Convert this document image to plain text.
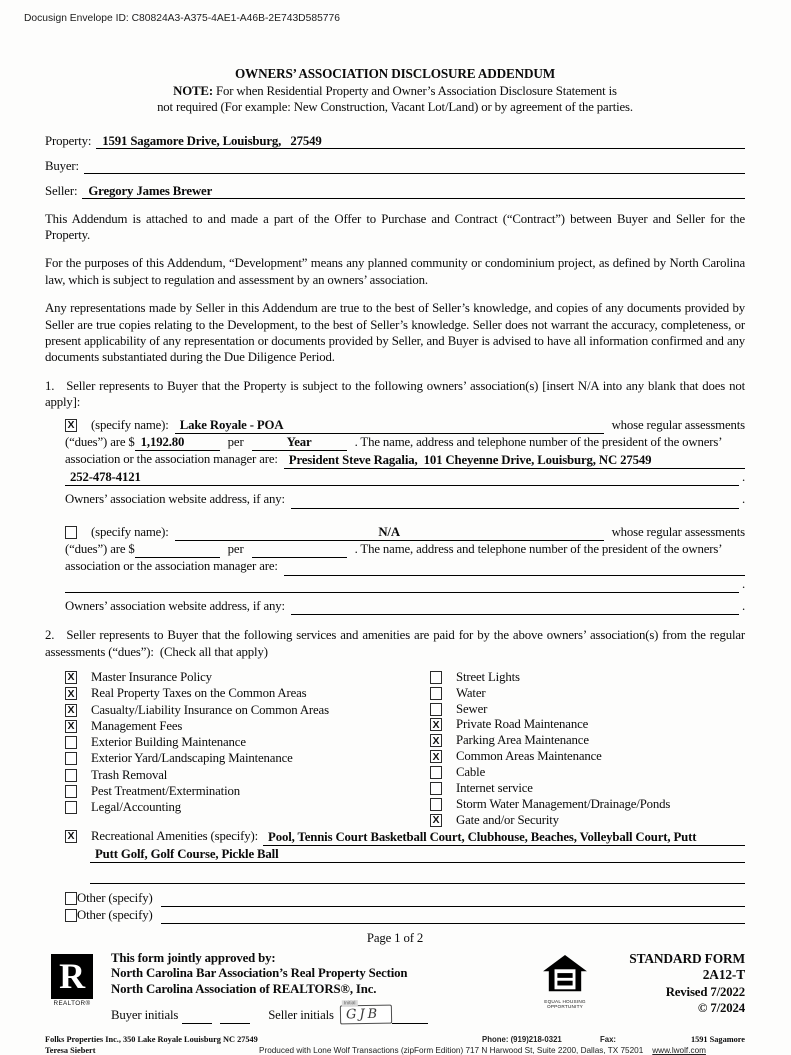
Docusign Envelope ID: C80824A3-A375-4AE1-A46B-2E743D585776
OWNERS’ ASSOCIATION DISCLOSURE ADDENDUM
NOTE: For when Residential Property and Owner’s Association Disclosure Statement is
not required (For example: New Construction, Vacant Lot/Land) or by agreement of the parties.
Property: 1591 Sagamore Drive, Louisburg,   27549
Buyer:
Seller: Gregory James Brewer

This Addendum is attached to and made a part of the Offer to Purchase and Contract (“Contract”) between Buyer and Seller for the Property.

For the purposes of this Addendum, “Development” means any planned community or condominium project, as defined by North Carolina law, which is subject to regulation and assessment by an owners’ association.

Any representations made by Seller in this Addendum are true to the best of Seller’s knowledge, and copies of any documents provided by Seller are true copies relating to the Development, to the best of Seller’s knowledge. Seller does not warrant the accuracy, completeness, or present applicability of any representation or documents provided by Seller, and Buyer is advised to have all information confirmed and any documents substantiated during the Due Diligence Period.

1.   Seller represents to Buyer that the Property is subject to the following owners’ association(s) [insert N/A into any blank that does not apply]:

X (specify name): Lake Royale - POA	whose regular assessments
(“dues”) are $ 1,192.80	per	Year	. The name, address and telephone number of the president of the owners’
association or the association manager are: President Steve Ragalia,  101 Cheyenne Drive, Louisburg, NC 27549
252-478-4121	.
Owners’ association website address, if any:	.
(specify name):	N/A	whose regular assessments
(“dues”) are $	per	. The name, address and telephone number of the president of the owners’
association or the association manager are:
.
Owners’ association website address, if any:	.

2.   Seller represents to Buyer that the following services and amenities are paid for by the above owners’ association(s) from the regular assessments (“dues”):  (Check all that apply)

X Master Insurance Policy
X Real Property Taxes on the Common Areas
X Casualty/Liability Insurance on Common Areas
X Management Fees
Exterior Building Maintenance
Exterior Yard/Landscaping Maintenance
Trash Removal
Pest Treatment/Extermination
Legal/Accounting
Street Lights
Water
Sewer
X Private Road Maintenance
X Parking Area Maintenance
X Common Areas Maintenance
Cable
Internet service
Storm Water Management/Drainage/Ponds
X Gate and/or Security
X Recreational Amenities (specify): Pool, Tennis Court Basketball Court, Clubhouse, Beaches, Volleyball Court, Putt
Putt Golf, Golf Course, Pickle Ball
Other (specify)
Other (specify)
Page 1 of 2
R
REALTOR®
This form jointly approved by:
North Carolina Bar Association’s Real Property Section
North Carolina Association of REALTORS®, Inc.
Buyer initials	Seller initials
Initial
GJB
EQUAL HOUSING
OPPORTUNITY
STANDARD FORM 2A12-T
Revised 7/2022
© 7/2024
Folks Properties Inc., 350 Lake Royale Louisburg NC 27549	Phone: (919)218-0321	Fax:	1591 Sagamore
Teresa Siebert	Produced with Lone Wolf Transactions (zipForm Edition) 717 N Harwood St, Suite 2200, Dallas, TX 75201 www.lwolf.com
